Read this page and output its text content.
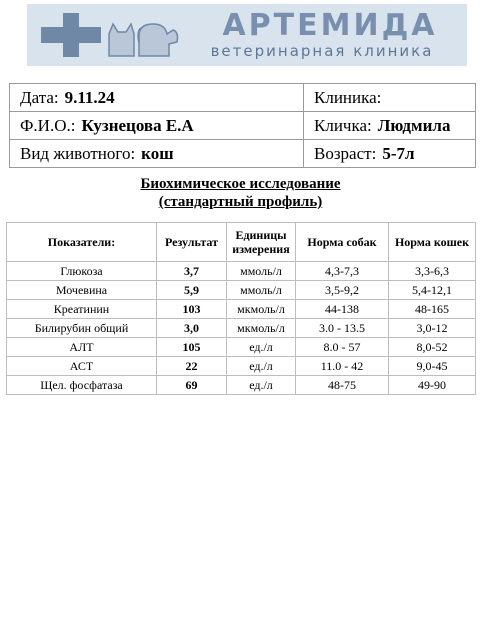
АРТЕМИДА
ветеринарная клиника
Дата: 9.11.24	Клиника:
Ф.И.О.: Кузнецова Е.А	Кличка: Людмила
Вид животного: кош	Возраст: 5-7л
Биохимическое исследование
(стандартный профиль)
Показатели:	Результат	Единицы измерения	Норма собак	Норма кошек
Глюкоза	3,7	ммоль/л	4,3-7,3	3,3-6,3
Мочевина	5,9	ммоль/л	3,5-9,2	5,4-12,1
Креатинин	103	мкмоль/л	44-138	48-165
Билирубин общий	3,0	мкмоль/л	3.0 - 13.5	3,0-12
АЛТ	105	ед./л	8.0 - 57	8,0-52
АСТ	22	ед./л	11.0 - 42	9,0-45
Щел. фосфатаза	69	ед./л	48-75	49-90
